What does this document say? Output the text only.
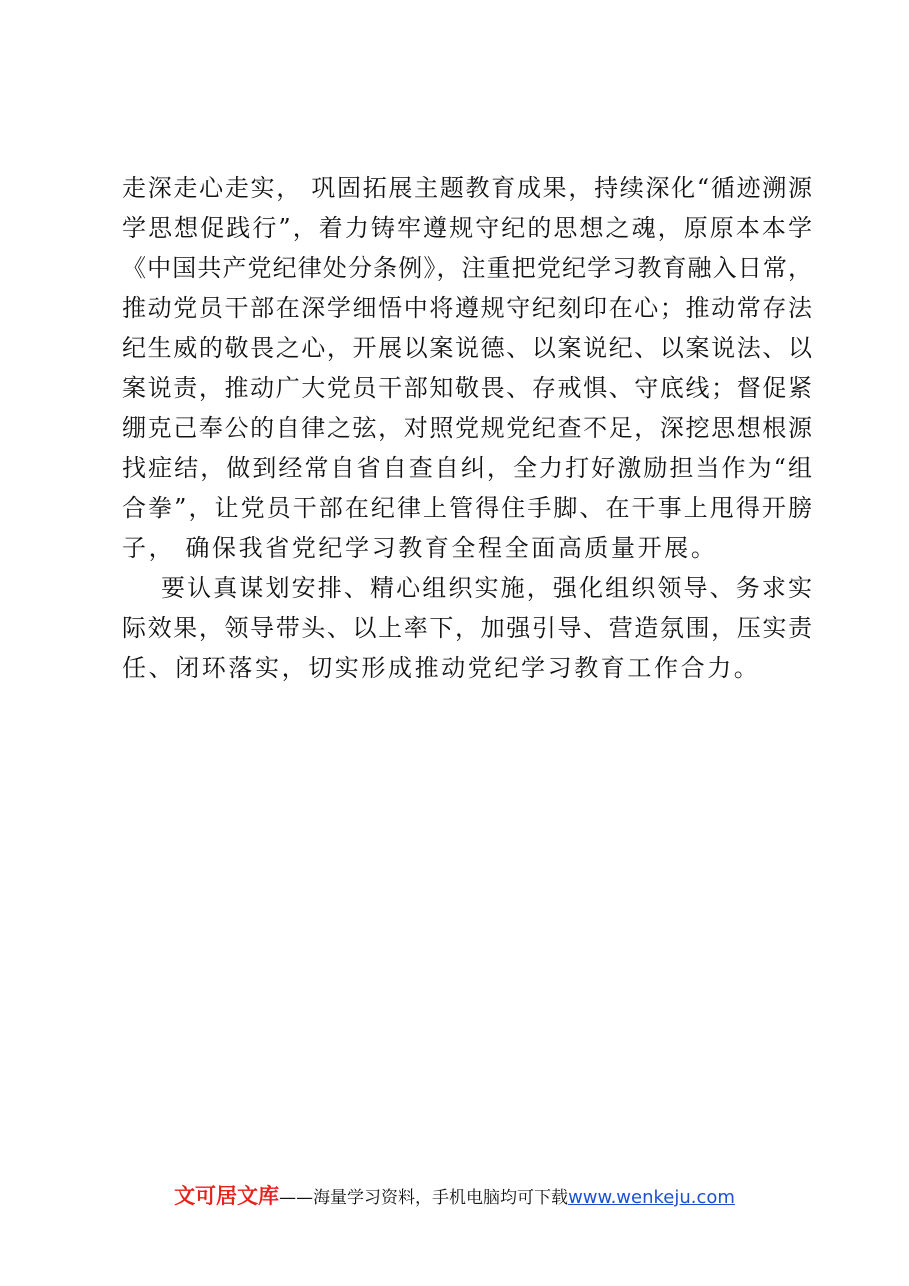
走深走心走实， 巩固拓展主题教育成果，持续深化“循迹溯源
学思想促践行”，着力铸牢遵规守纪的思想之魂，原原本本学
《中国共产党纪律处分条例》，注重把党纪学习教育融入日常，
推动党员干部在深学细悟中将遵规守纪刻印在心；推动常存法
纪生威的敬畏之心，开展以案说德、以案说纪、以案说法、以
案说责，推动广大党员干部知敬畏、存戒惧、守底线；督促紧
绷克己奉公的自律之弦，对照党规党纪查不足，深挖思想根源
找症结，做到经常自省自查自纠，全力打好激励担当作为“组
合拳”，让党员干部在纪律上管得住手脚、在干事上甩得开膀
子， 确保我省党纪学习教育全程全面高质量开展。
要认真谋划安排、精心组织实施，强化组织领导、务求实
际效果，领导带头、以上率下，加强引导、营造氛围，压实责
任、闭环落实，切实形成推动党纪学习教育工作合力。
文可居文库——海量学习资料，手机电脑均可下载www.wenkeju.com
